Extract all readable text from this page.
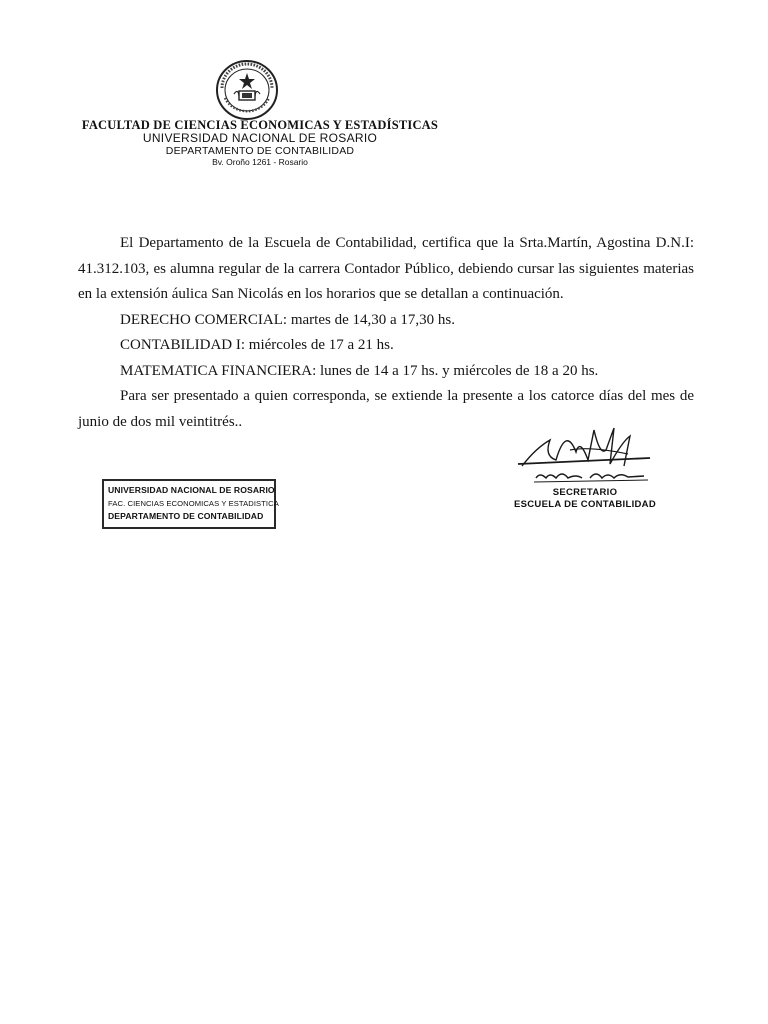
FACULTAD DE CIENCIAS ECONOMICAS Y ESTADÍSTICAS
UNIVERSIDAD NACIONAL DE ROSARIO
DEPARTAMENTO DE CONTABILIDAD
Bv. Oroño 1261 - Rosario

El Departamento de la Escuela de Contabilidad, certifica que la Srta.Martín, Agostina D.N.I: 41.312.103, es alumna regular de la carrera Contador Público, debiendo cursar las siguientes materias en la extensión áulica San Nicolás en los horarios que se detallan a continuación.

DERECHO COMERCIAL: martes de 14,30 a 17,30 hs.

CONTABILIDAD I: miércoles de 17 a 21 hs.

MATEMATICA FINANCIERA: lunes de 14 a 17 hs. y miércoles de 18 a 20 hs.

Para ser presentado a quien corresponda, se extiende la presente a los catorce días del mes de junio de dos mil veintitrés..

SECRETARIO
ESCUELA DE CONTABILIDAD
UNIVERSIDAD NACIONAL DE ROSARIO
FAC. CIENCIAS ECONOMICAS Y ESTADISTICA
DEPARTAMENTO DE CONTABILIDAD
